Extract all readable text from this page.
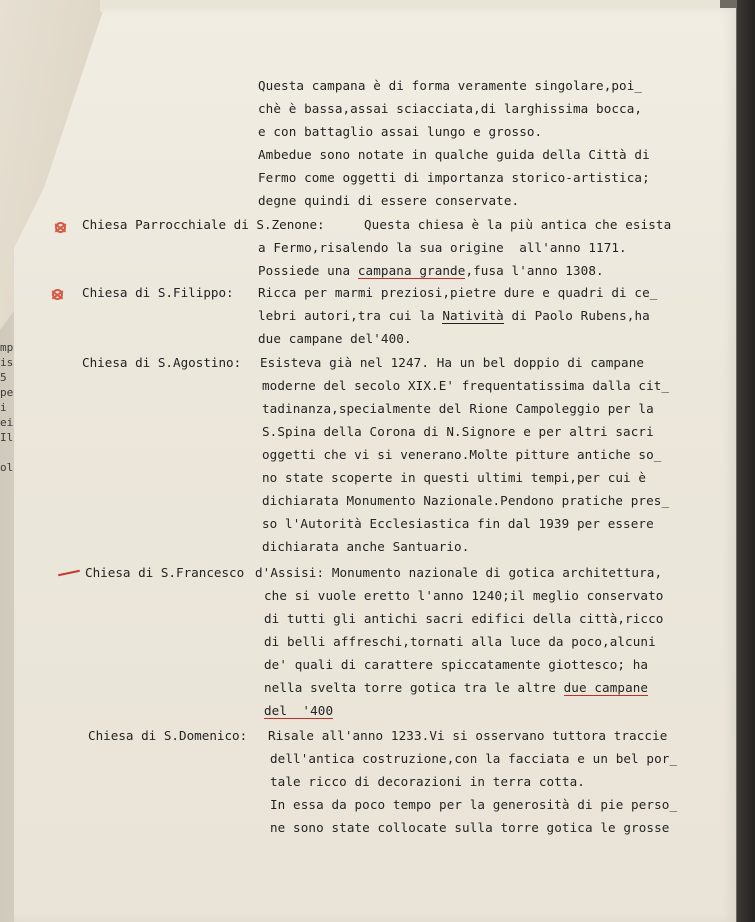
mp
is
5
pe
i
ei
Il
ol
Questa campana è di forma veramente singolare,poi_
chè è bassa,assai sciacciata,di larghissima bocca,
e con battaglio assai lungo e grosso.
Ambedue sono notate in qualche guida della Città di
Fermo come oggetti di importanza storico-artistica;
degne quindi di essere conservate.
Chiesa Parrocchiale di S.Zenone:	Questa chiesa è la più antica che esista
a Fermo,risalendo la sua origine  all'anno 1171.
Possiede una campana grande,fusa l'anno 1308.
Chiesa di S.Filippo: Ricca per marmi preziosi,pietre dure e quadri di ce_
lebri autori,tra cui la Natività di Paolo Rubens,ha
due campane del'400.
Chiesa di S.Agostino: Esisteva già nel 1247. Ha un bel doppio di campane
moderne del secolo XIX.E' frequentatissima dalla cit_
tadinanza,specialmente del Rione Campoleggio per la
S.Spina della Corona di N.Signore e per altri sacri
oggetti che vi si venerano.Molte pitture antiche so_
no state scoperte in questi ultimi tempi,per cui è
dichiarata Monumento Nazionale.Pendono pratiche pres_
so l'Autorità Ecclesiastica fin dal 1939 per essere
dichiarata anche Santuario.
Chiesa di S.Francesco d'Assisi: Monumento nazionale di gotica architettura,
che si vuole eretto l'anno 1240;il meglio conservato
di tutti gli antichi sacri edifici della città,ricco
di belli affreschi,tornati alla luce da poco,alcuni
de' quali di carattere spiccatamente giottesco; ha
nella svelta torre gotica tra le altre due campane
del  '400
Chiesa di S.Domenico: Risale all'anno 1233.Vi si osservano tuttora traccie
dell'antica costruzione,con la facciata e un bel por_
tale ricco di decorazioni in terra cotta.
In essa da poco tempo per la generosità di pie perso_
ne sono state collocate sulla torre gotica le grosse
